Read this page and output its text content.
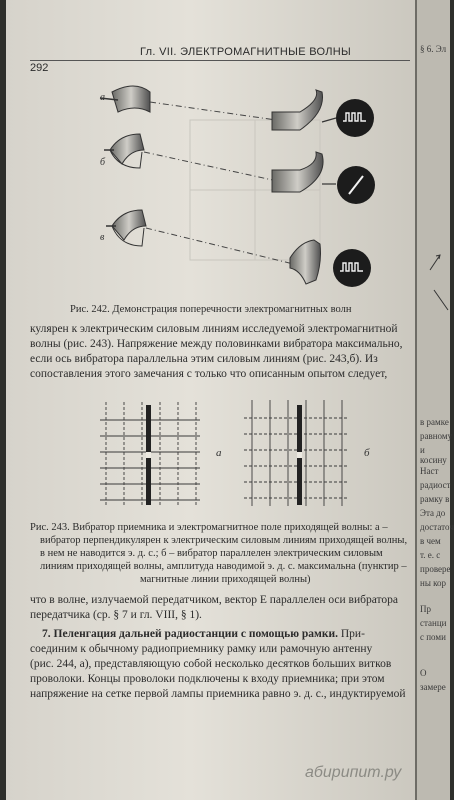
292
Гл. VII. ЭЛЕКТРОМАГНИТНЫЕ ВОЛНЫ
а
б
в
Рис. 242. Демонстрация поперечности электромагнитных волн
кулярен к электрическим силовым линиям исследуемой электромагнитной
волны (рис. 243). Напряжение между половинками вибратора максимально,
если ось вибратора параллельна этим силовым линиям (рис. 243,б). Из
сопоставления этого замечания с только что описанным опытом следует,
а	б
Рис. 243. Вибратор приемника и электромагнитное поле приходящей волны: а –
вибратор перпендикулярен к электрическим силовым линиям приходящей волны,
в нем не наводится э. д. с.; б – вибратор параллелен электрическим силовым
линиям приходящей волны, амплитуда наводимой э. д. с. максимальна (пунктир –
магнитные линии приходящей волны)
что в волне, излучаемой передатчиком, вектор E параллелен оси вибратора
передатчика (ср. § 7 и гл. VIII, § 1).
7. Пеленгация дальней радиостанции с помощью рамки. При-
соединим к обычному радиоприемнику рамку или рамочную антенну
(рис. 244, а), представляющую собой несколько десятков больших витков
проволоки. Концы проволоки подключены к входу приемника; при этом
напряжение на сетке первой лампы приемника равно э. д. с., индуктируемой
§ 6. Эл
в рамке
равному
и косину
Наст
радиост
рамку в
Эта до
достатoч
в чем
т. е. с
провере
ны кор
Пр
станци
с поми
О
замере
абирипит.ру
